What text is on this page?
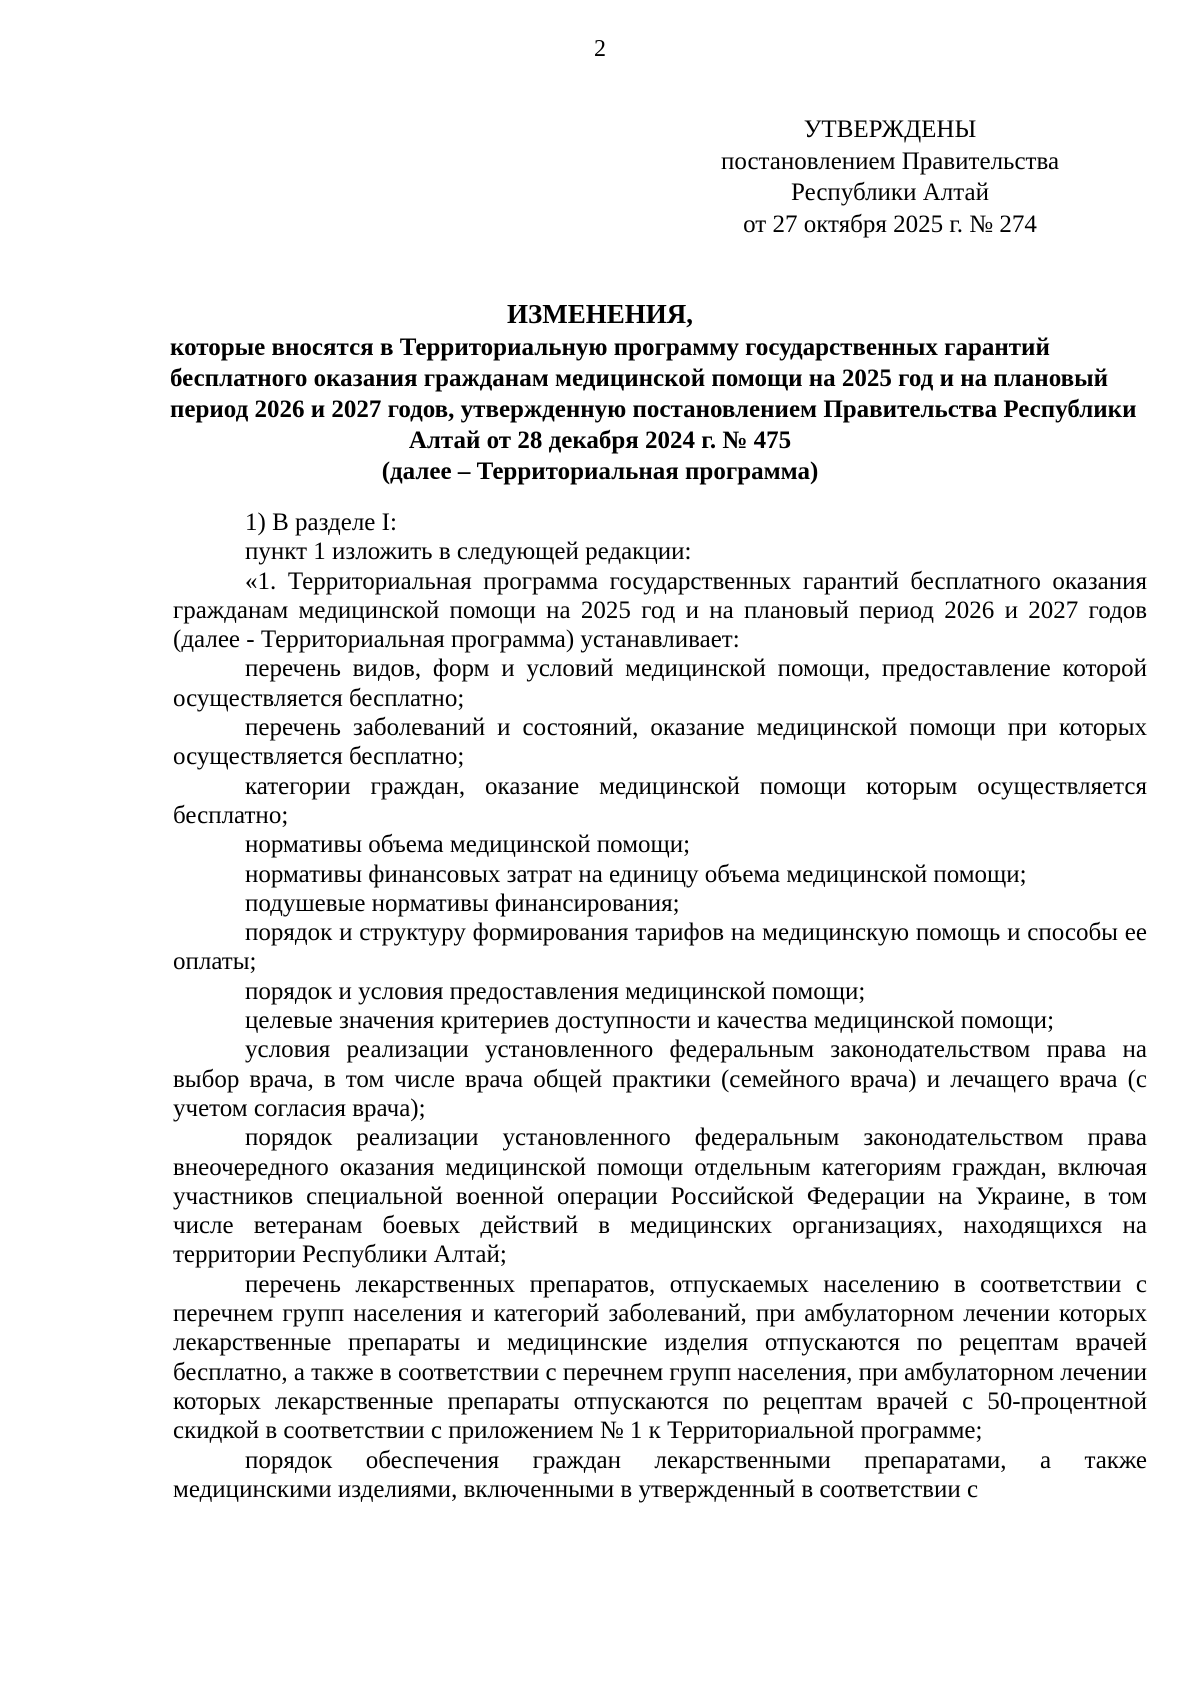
2
УТВЕРЖДЕНЫ
постановлением Правительства
Республики Алтай
от 27 октября 2025 г. № 274
ИЗМЕНЕНИЯ,
которые вносятся в Территориальную программу государственных гарантий
бесплатного оказания гражданам медицинской помощи на 2025 год и на плановый
период 2026 и 2027 годов, утвержденную постановлением Правительства Республики
Алтай от 28 декабря 2024 г. № 475
(далее – Территориальная программа)

1) В разделе I:

пункт 1 изложить в следующей редакции:

«1. Территориальная программа государственных гарантий бесплатного оказания гражданам медицинской помощи на 2025 год и на плановый период 2026 и 2027 годов (далее - Территориальная программа) устанавливает:

перечень видов, форм и условий медицинской помощи, предоставление которой осуществляется бесплатно;

перечень заболеваний и состояний, оказание медицинской помощи при которых осуществляется бесплатно;

категории граждан, оказание медицинской помощи которым осуществляется бесплатно;

нормативы объема медицинской помощи;

нормативы финансовых затрат на единицу объема медицинской помощи;

подушевые нормативы финансирования;

порядок и структуру формирования тарифов на медицинскую помощь и способы ее оплаты;

порядок и условия предоставления медицинской помощи;

целевые значения критериев доступности и качества медицинской помощи;

условия реализации установленного федеральным законодательством права на выбор врача, в том числе врача общей практики (семейного врача) и лечащего врача (с учетом согласия врача);

порядок реализации установленного федеральным законодательством права внеочередного оказания медицинской помощи отдельным категориям граждан, включая участников специальной военной операции Российской Федерации на Украине, в том числе ветеранам боевых действий в медицинских организациях, находящихся на территории Республики Алтай;

перечень лекарственных препаратов, отпускаемых населению в соответствии с перечнем групп населения и категорий заболеваний, при амбулаторном лечении которых лекарственные препараты и медицинские изделия отпускаются по рецептам врачей бесплатно, а также в соответствии с перечнем групп населения, при амбулаторном лечении которых лекарственные препараты отпускаются по рецептам врачей с 50-процентной скидкой в соответствии с приложением № 1 к Территориальной программе;

порядок обеспечения граждан лекарственными препаратами, а также медицинскими изделиями, включенными в утвержденный в соответствии с
